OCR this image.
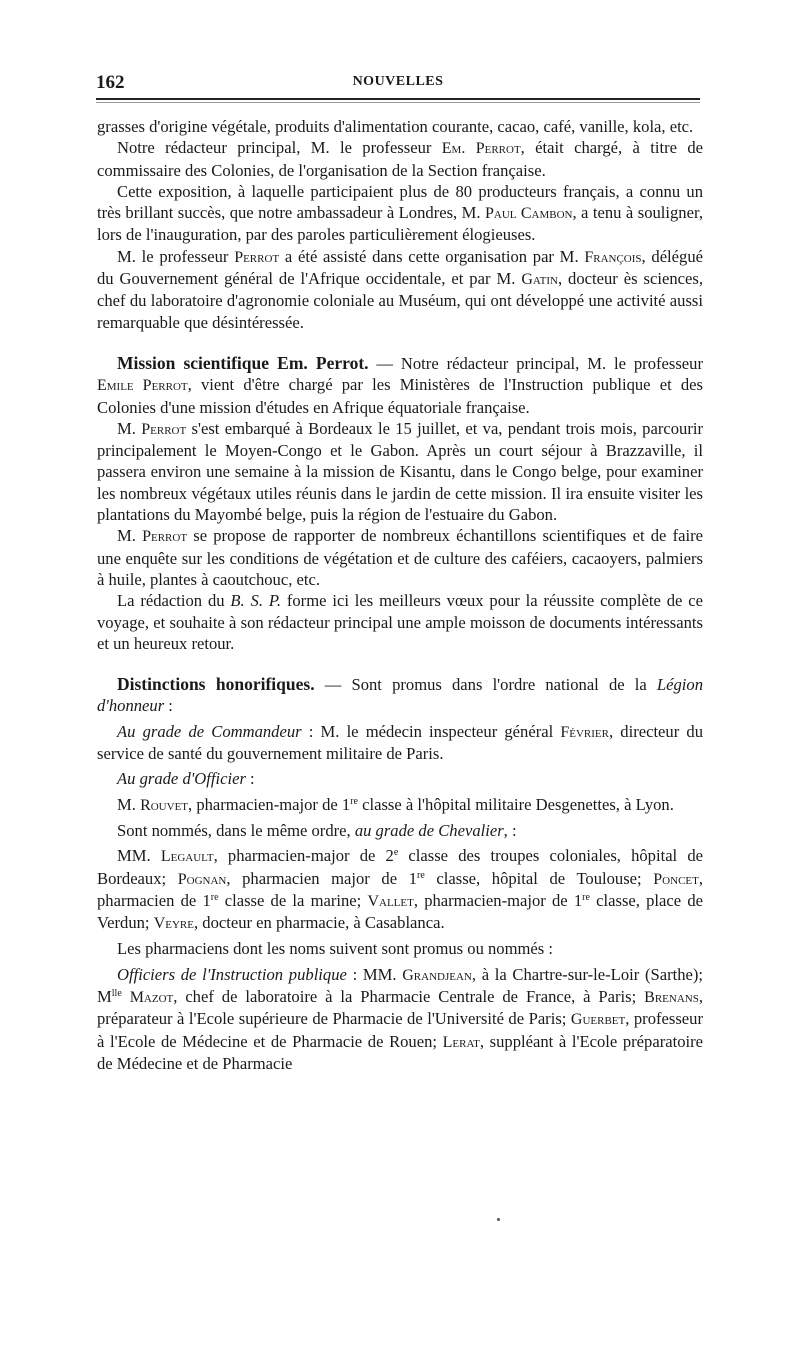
162	NOUVELLES

grasses d'origine végétale, produits d'alimentation courante, cacao, café, vanille, kola, etc.

Notre rédacteur principal, M. le professeur Em. Perrot, était chargé, à titre de commissaire des Colonies, de l'organisation de la Section française.

Cette exposition, à laquelle participaient plus de 80 producteurs français, a connu un très brillant succès, que notre ambassadeur à Londres, M. Paul Cambon, a tenu à souligner, lors de l'inauguration, par des paroles particulièrement élogieuses.

M. le professeur Perrot a été assisté dans cette organisation par M. François, délégué du Gouvernement général de l'Afrique occidentale, et par M. Gatin, docteur ès sciences, chef du laboratoire d'agronomie coloniale au Muséum, qui ont développé une activité aussi remarquable que désintéressée.

Mission scientifique Em. Perrot. — Notre rédacteur principal, M. le professeur Emile Perrot, vient d'être chargé par les Ministères de l'Instruction publique et des Colonies d'une mission d'études en Afrique équatoriale française.

M. Perrot s'est embarqué à Bordeaux le 15 juillet, et va, pendant trois mois, parcourir principalement le Moyen-Congo et le Gabon. Après un court séjour à Brazzaville, il passera environ une semaine à la mission de Kisantu, dans le Congo belge, pour examiner les nombreux végétaux utiles réunis dans le jardin de cette mission. Il ira ensuite visiter les plantations du Mayombé belge, puis la région de l'estuaire du Gabon.

M. Perrot se propose de rapporter de nombreux échantillons scientifiques et de faire une enquête sur les conditions de végétation et de culture des caféiers, cacaoyers, palmiers à huile, plantes à caoutchouc, etc.

La rédaction du B. S. P. forme ici les meilleurs vœux pour la réussite complète de ce voyage, et souhaite à son rédacteur principal une ample moisson de documents intéressants et un heureux retour.

Distinctions honorifiques. — Sont promus dans l'ordre national de la Légion d'honneur :

Au grade de Commandeur : M. le médecin inspecteur général Février, directeur du service de santé du gouvernement militaire de Paris.

Au grade d'Officier :

M. Rouvet, pharmacien-major de 1re classe à l'hôpital militaire Desgenettes, à Lyon.

Sont nommés, dans le même ordre, au grade de Chevalier, :

MM. Legault, pharmacien-major de 2e classe des troupes coloniales, hôpital de Bordeaux; Pognan, pharmacien major de 1re classe, hôpital de Toulouse; Poncet, pharmacien de 1re classe de la marine; Vallet, pharmacien-major de 1re classe, place de Verdun; Veyre, docteur en pharmacie, à Casablanca.

Les pharmaciens dont les noms suivent sont promus ou nommés :

Officiers de l'Instruction publique : MM. Grandjean, à la Chartre-sur-le-Loir (Sarthe); $M^{lle}$ Mazot, chef de laboratoire à la Pharmacie Centrale de France, à Paris; Brenans, préparateur à l'Ecole supérieure de Pharmacie de l'Université de Paris; Guerbet, professeur à l'Ecole de Médecine et de Pharmacie de Rouen; Lerat, suppléant à l'Ecole préparatoire de Médecine et de Pharmacie
